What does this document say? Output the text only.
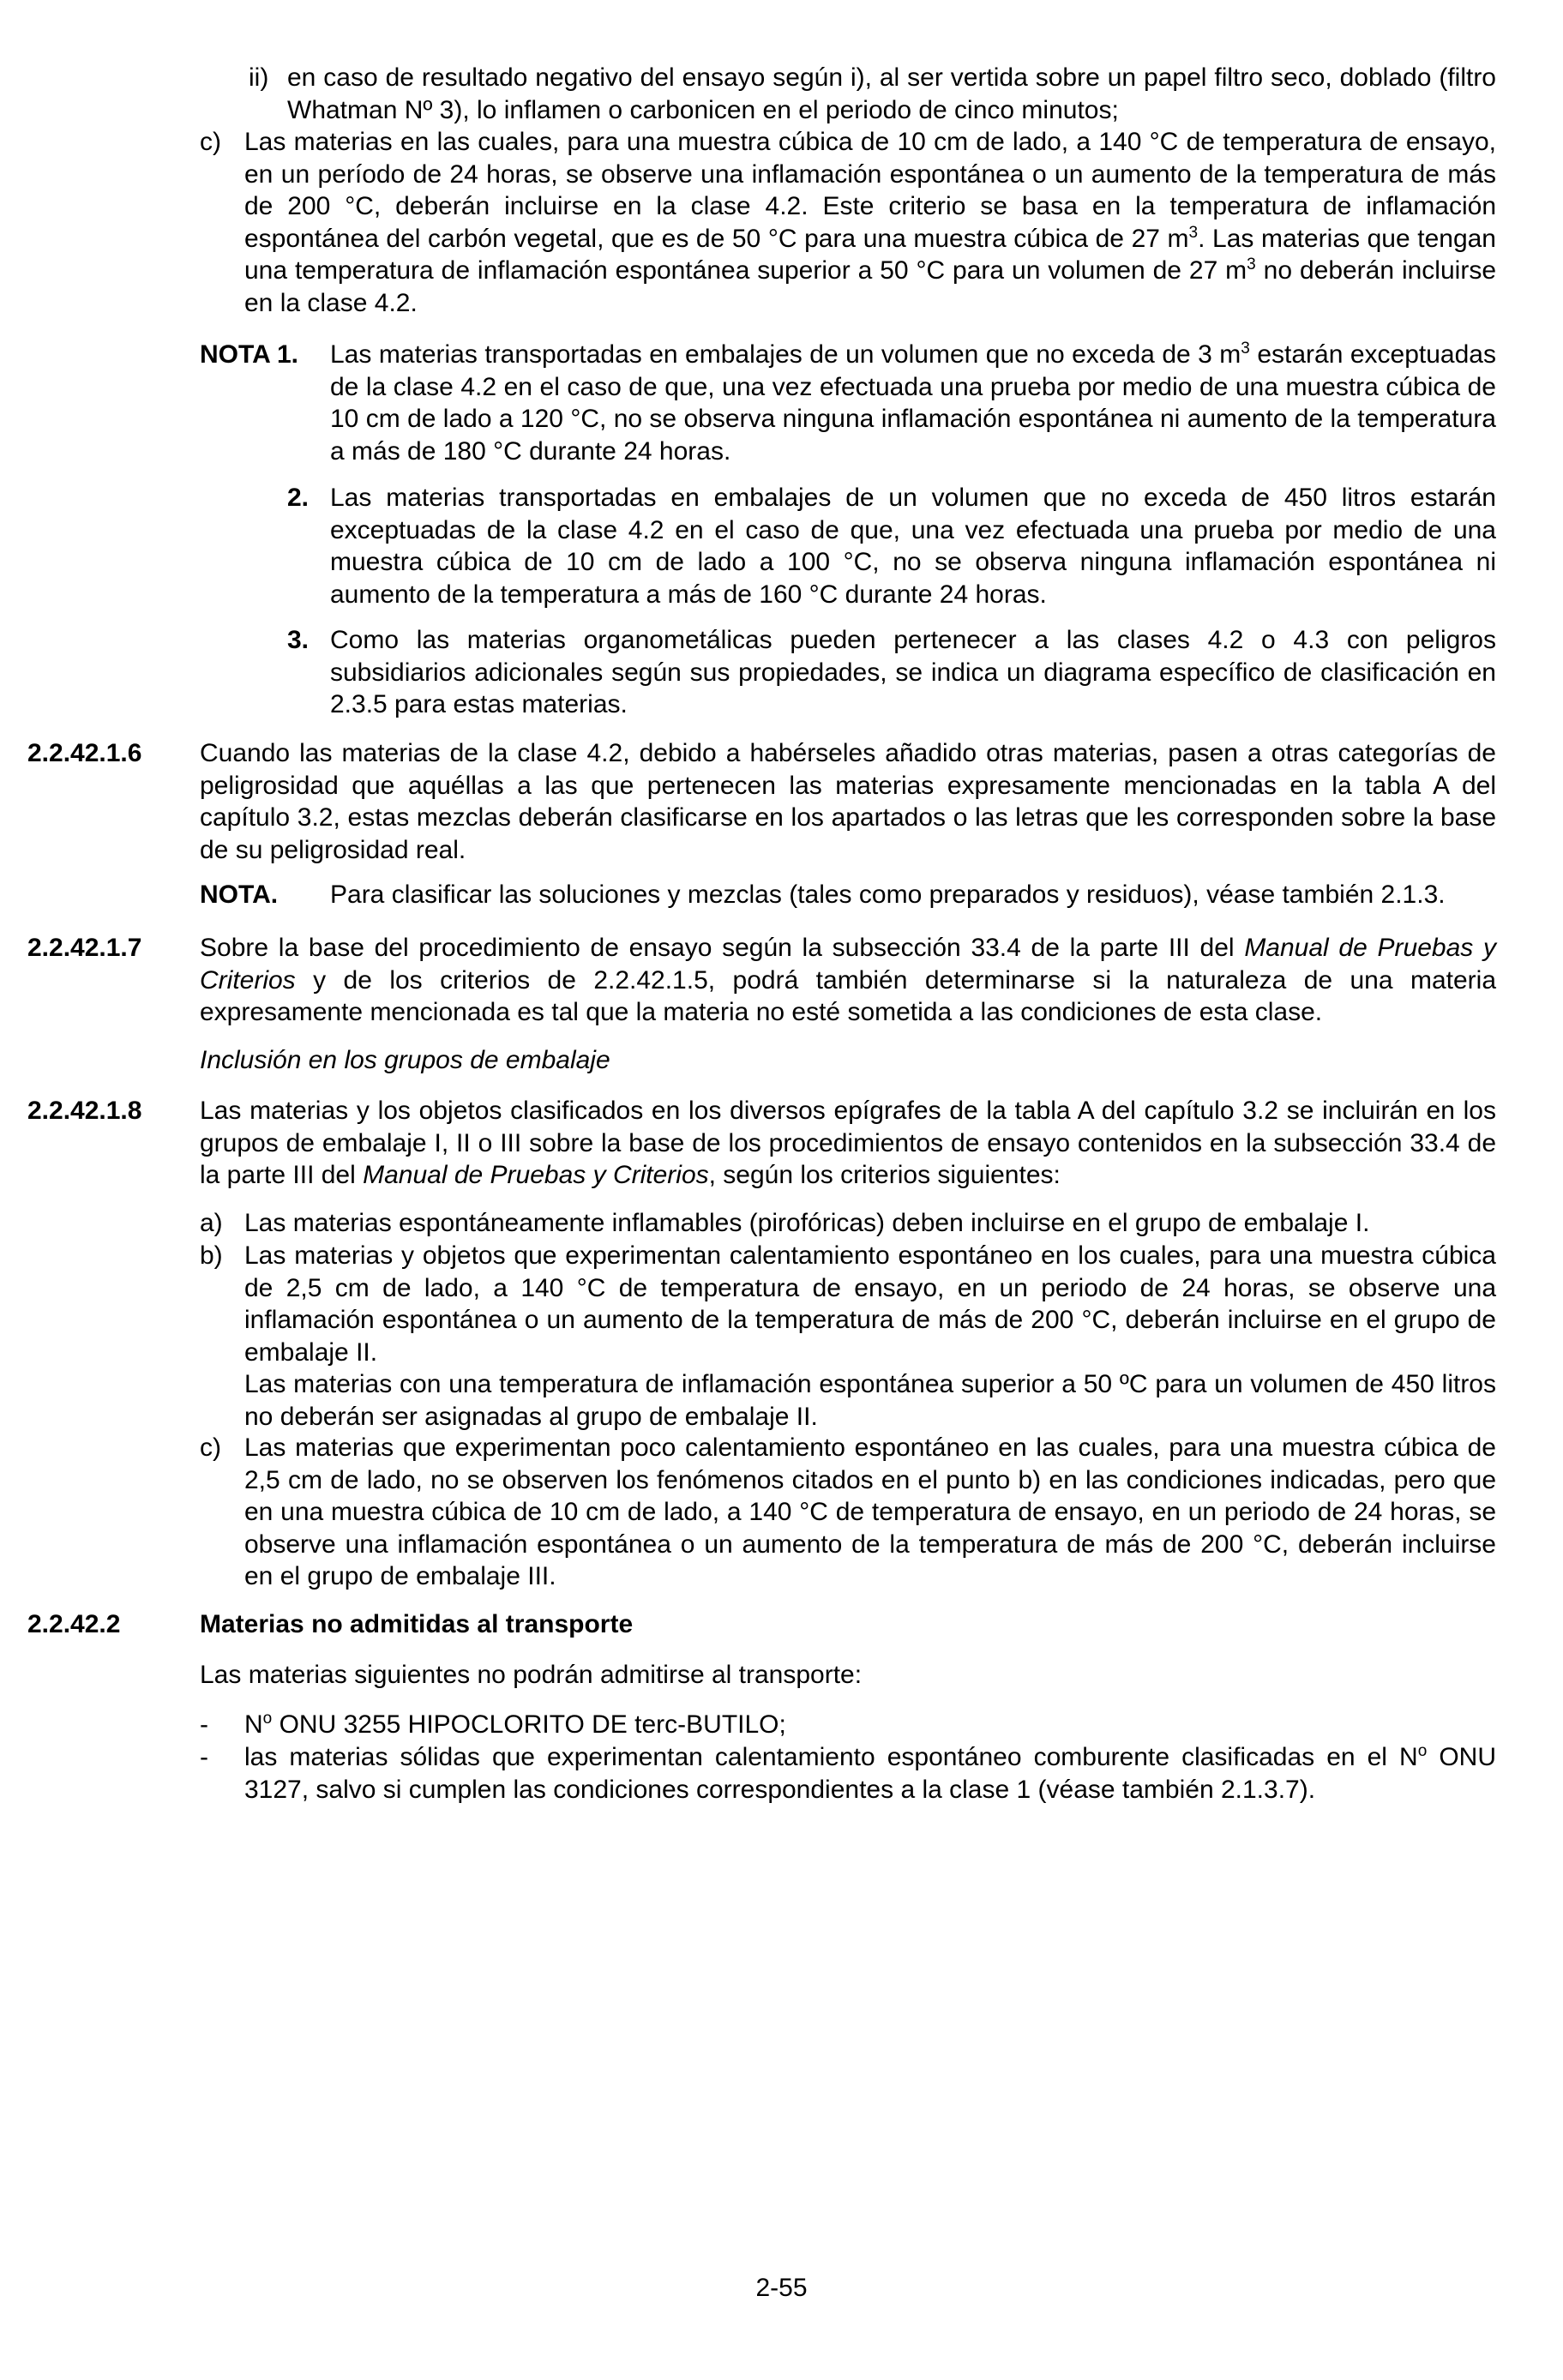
ii) en caso de resultado negativo del ensayo según i), al ser vertida sobre un papel filtro seco, doblado (filtro Whatman Nº 3), lo inflamen o carbonicen en el periodo de cinco minutos;
c) Las materias en las cuales, para una muestra cúbica de 10 cm de lado, a 140 °C de temperatura de ensayo, en un período de 24 horas, se observe una inflamación espontánea o un aumento de la temperatura de más de 200 °C, deberán incluirse en la clase 4.2. Este criterio se basa en la temperatura de inflamación espontánea del carbón vegetal, que es de 50 °C para una muestra cúbica de 27 $m^3$. Las materias que tengan una temperatura de inflamación espontánea superior a 50 °C para un volumen de 27 $m^3$ no deberán incluirse en la clase 4.2.
NOTA 1. Las materias transportadas en embalajes de un volumen que no exceda de 3 $m^3$ estarán exceptuadas de la clase 4.2 en el caso de que, una vez efectuada una prueba por medio de una muestra cúbica de 10 cm de lado a 120 °C, no se observa ninguna inflamación espontánea ni aumento de la temperatura a más de 180 °C durante 24 horas.
2. Las materias transportadas en embalajes de un volumen que no exceda de 450 litros estarán exceptuadas de la clase 4.2 en el caso de que, una vez efectuada una prueba por medio de una muestra cúbica de 10 cm de lado a 100 °C, no se observa ninguna inflamación espontánea ni aumento de la temperatura a más de 160 °C durante 24 horas.
3. Como las materias organometálicas pueden pertenecer a las clases 4.2 o 4.3 con peligros subsidiarios adicionales según sus propiedades, se indica un diagrama específico de clasificación en 2.3.5 para estas materias.
2.2.42.1.6 Cuando las materias de la clase 4.2, debido a habérseles añadido otras materias, pasen a otras categorías de peligrosidad que aquéllas a las que pertenecen las materias expresamente mencionadas en la tabla A del capítulo 3.2, estas mezclas deberán clasificarse en los apartados o las letras que les corresponden sobre la base de su peligrosidad real.
NOTA. Para clasificar las soluciones y mezclas (tales como preparados y residuos), véase también 2.1.3.
2.2.42.1.7 Sobre la base del procedimiento de ensayo según la subsección 33.4 de la parte III del Manual de Pruebas y Criterios y de los criterios de 2.2.42.1.5, podrá también determinarse si la naturaleza de una materia expresamente mencionada es tal que la materia no esté sometida a las condiciones de esta clase.
Inclusión en los grupos de embalaje
2.2.42.1.8 Las materias y los objetos clasificados en los diversos epígrafes de la tabla A del capítulo 3.2 se incluirán en los grupos de embalaje I, II o III sobre la base de los procedimientos de ensayo contenidos en la subsección 33.4 de la parte III del Manual de Pruebas y Criterios, según los criterios siguientes:
a) Las materias espontáneamente inflamables (pirofóricas) deben incluirse en el grupo de embalaje I.
b) Las materias y objetos que experimentan calentamiento espontáneo en los cuales, para una muestra cúbica de 2,5 cm de lado, a 140 °C de temperatura de ensayo, en un periodo de 24 horas, se observe una inflamación espontánea o un aumento de la temperatura de más de 200 °C, deberán incluirse en el grupo de embalaje II.
Las materias con una temperatura de inflamación espontánea superior a 50 ºC para un volumen de 450 litros no deberán ser asignadas al grupo de embalaje II.
c) Las materias que experimentan poco calentamiento espontáneo en las cuales, para una muestra cúbica de 2,5 cm de lado, no se observen los fenómenos citados en el punto b) en las condiciones indicadas, pero que en una muestra cúbica de 10 cm de lado, a 140 °C de temperatura de ensayo, en un periodo de 24 horas, se observe una inflamación espontánea o un aumento de la temperatura de más de 200 °C, deberán incluirse en el grupo de embalaje III.
2.2.42.2	Materias no admitidas al transporte
Las materias siguientes no podrán admitirse al transporte:
- $N^o$ ONU 3255 HIPOCLORITO DE terc-BUTILO;
- las materias sólidas que experimentan calentamiento espontáneo comburente clasificadas en el $N^o$ ONU 3127, salvo si cumplen las condiciones correspondientes a la clase 1 (véase también 2.1.3.7).
2-55
